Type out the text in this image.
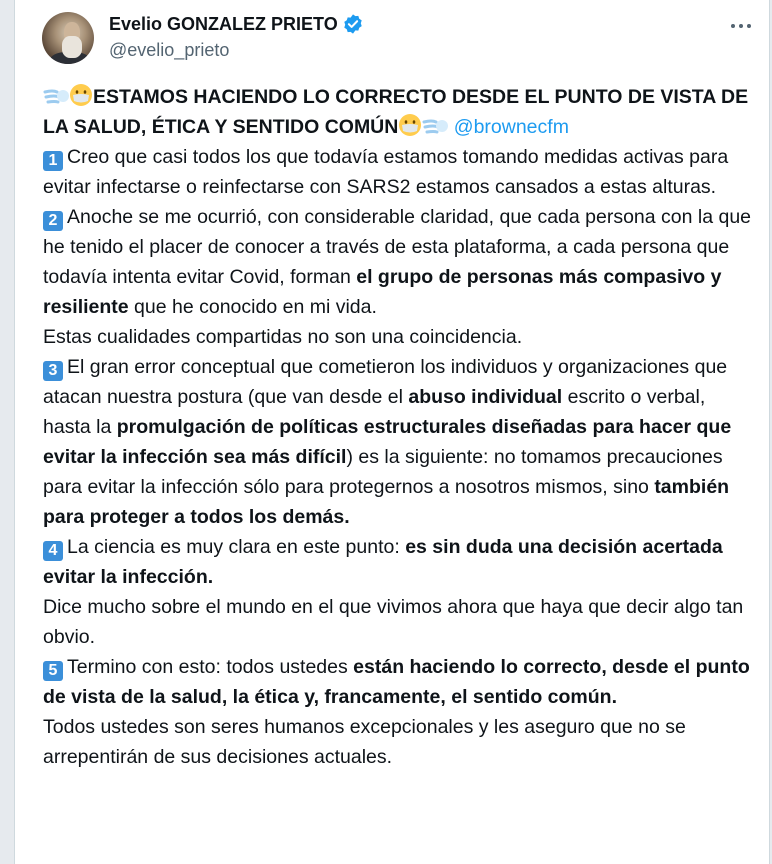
Evelio GONZALEZ PRIETO
@evelio_prieto

ESTAMOS HACIENDO LO CORRECTO DESDE EL PUNTO DE VISTA DE LA SALUD, ÉTICA Y SENTIDO COMÚN	@brownecfm

1 Creo que casi todos los que todavía estamos tomando medidas activas para evitar infectarse o reinfectarse con SARS2 estamos cansados a estas alturas.

2 Anoche se me ocurrió, con considerable claridad, que cada persona con la que he tenido el placer de conocer a través de esta plataforma, a cada persona que todavía intenta evitar Covid, forman el grupo de personas más compasivo y resiliente que he conocido en mi vida.

Estas cualidades compartidas no son una coincidencia.

3 El gran error conceptual que cometieron los individuos y organizaciones que atacan nuestra postura (que van desde el abuso individual escrito o verbal, hasta la promulgación de políticas estructurales diseñadas para hacer que evitar la infección sea más difícil) es la siguiente: no tomamos precauciones para evitar la infección sólo para protegernos a nosotros mismos, sino también para proteger a todos los demás.

4 La ciencia es muy clara en este punto: es sin duda una decisión acertada evitar la infección.

Dice mucho sobre el mundo en el que vivimos ahora que haya que decir algo tan obvio.

5 Termino con esto: todos ustedes están haciendo lo correcto, desde el punto de vista de la salud, la ética y, francamente, el sentido común.

Todos ustedes son seres humanos excepcionales y les aseguro que no se arrepentirán de sus decisiones actuales.
